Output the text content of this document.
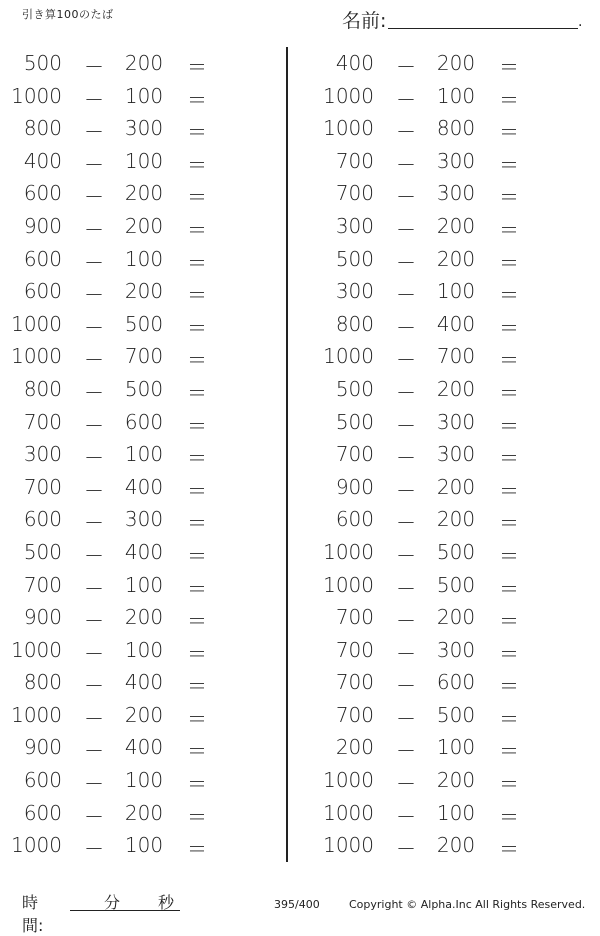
引き算100のたば	名前:	.
500 － 200 ＝
1000 － 100 ＝
800 － 300 ＝
400 － 100 ＝
600 － 200 ＝
900 － 200 ＝
600 － 100 ＝
600 － 200 ＝
1000 － 500 ＝
1000 － 700 ＝
800 － 500 ＝
700 － 600 ＝
300 － 100 ＝
700 － 400 ＝
600 － 300 ＝
500 － 400 ＝
700 － 100 ＝
900 － 200 ＝
1000 － 100 ＝
800 － 400 ＝
1000 － 200 ＝
900 － 400 ＝
600 － 100 ＝
600 － 200 ＝
1000 － 100 ＝
400 － 200 ＝
1000 － 100 ＝
1000 － 800 ＝
700 － 300 ＝
700 － 300 ＝
300 － 200 ＝
500 － 200 ＝
300 － 100 ＝
800 － 400 ＝
1000 － 700 ＝
500 － 200 ＝
500 － 300 ＝
700 － 300 ＝
900 － 200 ＝
600 － 200 ＝
1000 － 500 ＝
1000 － 500 ＝
700 － 200 ＝
700 － 300 ＝
700 － 600 ＝
700 － 500 ＝
200 － 100 ＝
1000 － 200 ＝
1000 － 100 ＝
1000 － 200 ＝
時間:
分 秒	395/400	Copyright © Alpha.Inc All Rights Reserved.
